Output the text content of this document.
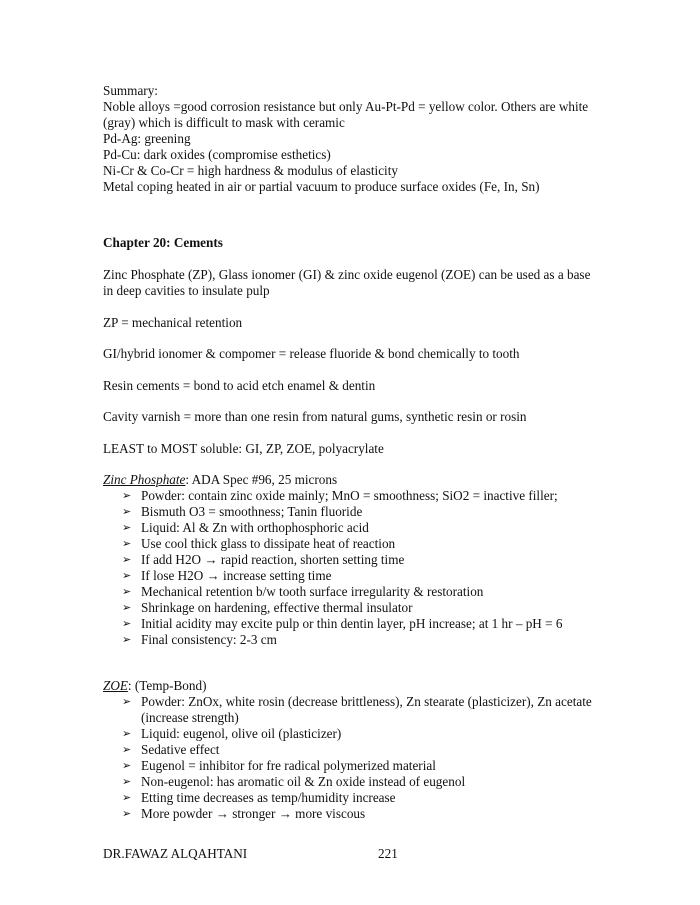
Summary:
Noble alloys =good corrosion resistance but only Au-Pt-Pd = yellow color. Others are white
(gray) which is difficult to mask with ceramic
Pd-Ag: greening
Pd-Cu: dark oxides (compromise esthetics)
Ni-Cr & Co-Cr = high hardness & modulus of elasticity
Metal coping heated in air or partial vacuum to produce surface oxides (Fe, In, Sn)
Chapter 20: Cements
Zinc Phosphate (ZP), Glass ionomer (GI) & zinc oxide eugenol (ZOE) can be used as a base
in deep cavities to insulate pulp
ZP = mechanical retention
GI/hybrid ionomer & compomer = release fluoride & bond chemically to tooth
Resin cements = bond to acid etch enamel & dentin
Cavity varnish = more than one resin from natural gums, synthetic resin or rosin
LEAST to MOST soluble: GI, ZP, ZOE, polyacrylate
Zinc Phosphate: ADA Spec #96, 25 microns
➢ Powder: contain zinc oxide mainly; MnO = smoothness; SiO2 = inactive filler;
➢ Bismuth O3 = smoothness; Tanin fluoride
➢ Liquid: Al & Zn with orthophosphoric acid
➢ Use cool thick glass to dissipate heat of reaction
➢ If add H2O → rapid reaction, shorten setting time
➢ If lose H2O → increase setting time
➢ Mechanical retention b/w tooth surface irregularity & restoration
➢ Shrinkage on hardening, effective thermal insulator
➢ Initial acidity may excite pulp or thin dentin layer, pH increase; at 1 hr – pH = 6
➢ Final consistency: 2-3 cm
ZOE: (Temp-Bond)
➢ Powder: ZnOx, white rosin (decrease brittleness), Zn stearate (plasticizer), Zn acetate
(increase strength)
➢ Liquid: eugenol, olive oil (plasticizer)
➢ Sedative effect
➢ Eugenol = inhibitor for fre radical polymerized material
➢ Non-eugenol: has aromatic oil & Zn oxide instead of eugenol
➢ Etting time decreases as temp/humidity increase
➢ More powder → stronger → more viscous
DR.FAWAZ ALQAHTANI	221
